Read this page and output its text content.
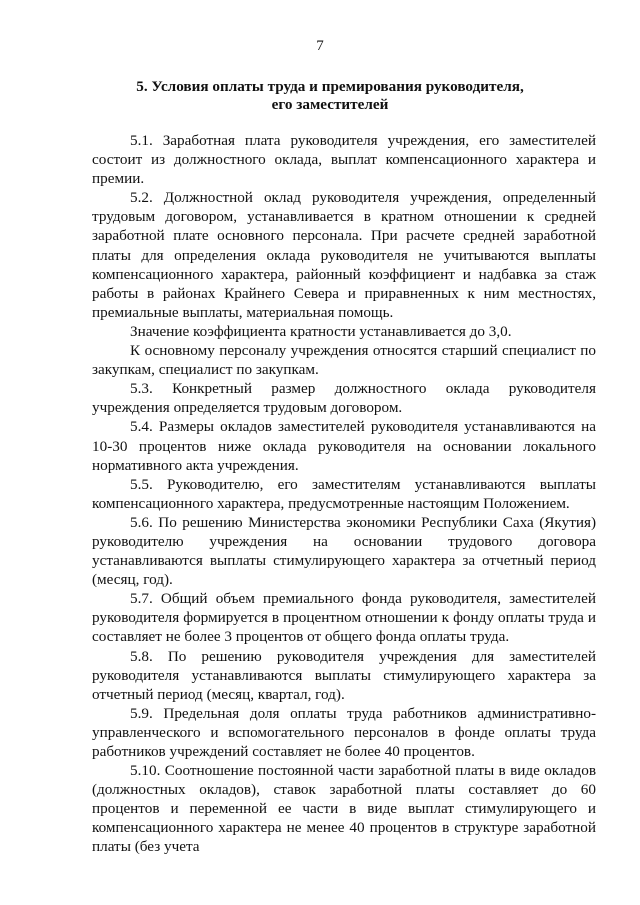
7
5. Условия оплаты труда и премирования руководителя,
его заместителей

5.1. Заработная плата руководителя учреждения, его заместителей состоит из должностного оклада, выплат компенсационного характера и премии.

5.2. Должностной оклад руководителя учреждения, определенный трудовым договором, устанавливается в кратном отношении к средней заработной плате основного персонала. При расчете средней заработной платы для определения оклада руководителя не учитываются выплаты компенсационного характера, районный коэффициент и надбавка за стаж работы в районах Крайнего Севера и приравненных к ним местностях, премиальные выплаты, материальная помощь.

Значение коэффициента кратности устанавливается до 3,0.

К основному персоналу учреждения относятся старший специалист по закупкам, специалист по закупкам.

5.3. Конкретный размер должностного оклада руководителя учреждения определяется трудовым договором.

5.4. Размеры окладов заместителей руководителя устанавливаются на 10-30 процентов ниже оклада руководителя на основании локального нормативного акта учреждения.

5.5. Руководителю, его заместителям устанавливаются выплаты компенсационного характера, предусмотренные настоящим Положением.

5.6. По решению Министерства экономики Республики Саха (Якутия) руководителю учреждения на основании трудового договора устанавливаются выплаты стимулирующего характера за отчетный период (месяц, год).

5.7. Общий объем премиального фонда руководителя, заместителей руководителя формируется в процентном отношении к фонду оплаты труда и составляет не более 3 процентов от общего фонда оплаты труда.

5.8. По решению руководителя учреждения для заместителей руководителя устанавливаются выплаты стимулирующего характера за отчетный период (месяц, квартал, год).

5.9. Предельная доля оплаты труда работников административно-управленческого и вспомогательного персоналов в фонде оплаты труда работников учреждений составляет не более 40 процентов.

5.10. Соотношение постоянной части заработной платы в виде окладов (должностных окладов), ставок заработной платы составляет до 60 процентов и переменной ее части в виде выплат стимулирующего и компенсационного характера не менее 40 процентов в структуре заработной платы (без учета
